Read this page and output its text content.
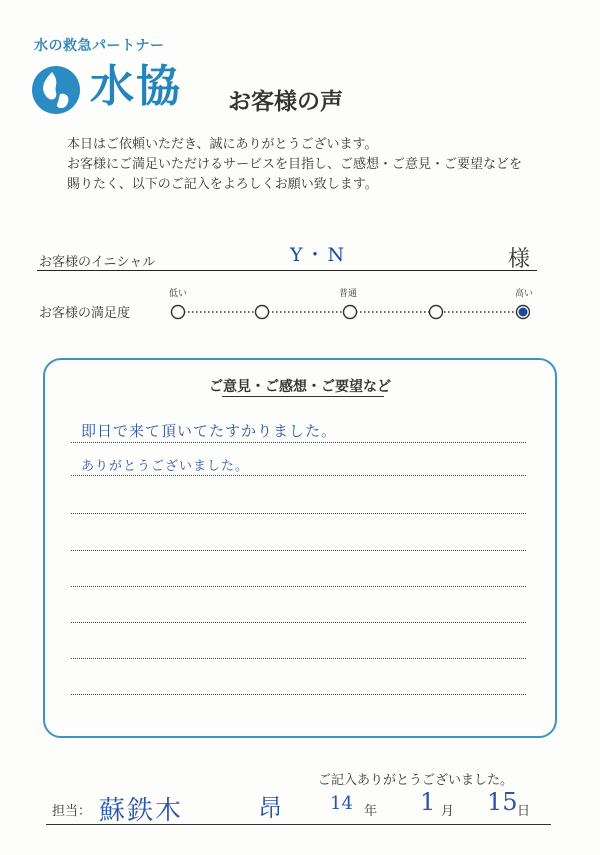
水の救急パートナー
水協 お客様の声
本日はご依頼いただき、誠にありがとうございます。
お客様にご満足いただけるサービスを目指し、ご感想・ご意見・ご要望などを
賜りたく、以下のご記入をよろしくお願い致します。
お客様のイニシャル	Y・N	様
お客様の満足度
低い	普通	高い
ご意見・ご感想・ご要望など
即日で来て頂いてたすかりました。
ありがとうございました。
ご記入ありがとうございました。
担当： 蘇鉄木	昂	14 年 1 月 15 日
